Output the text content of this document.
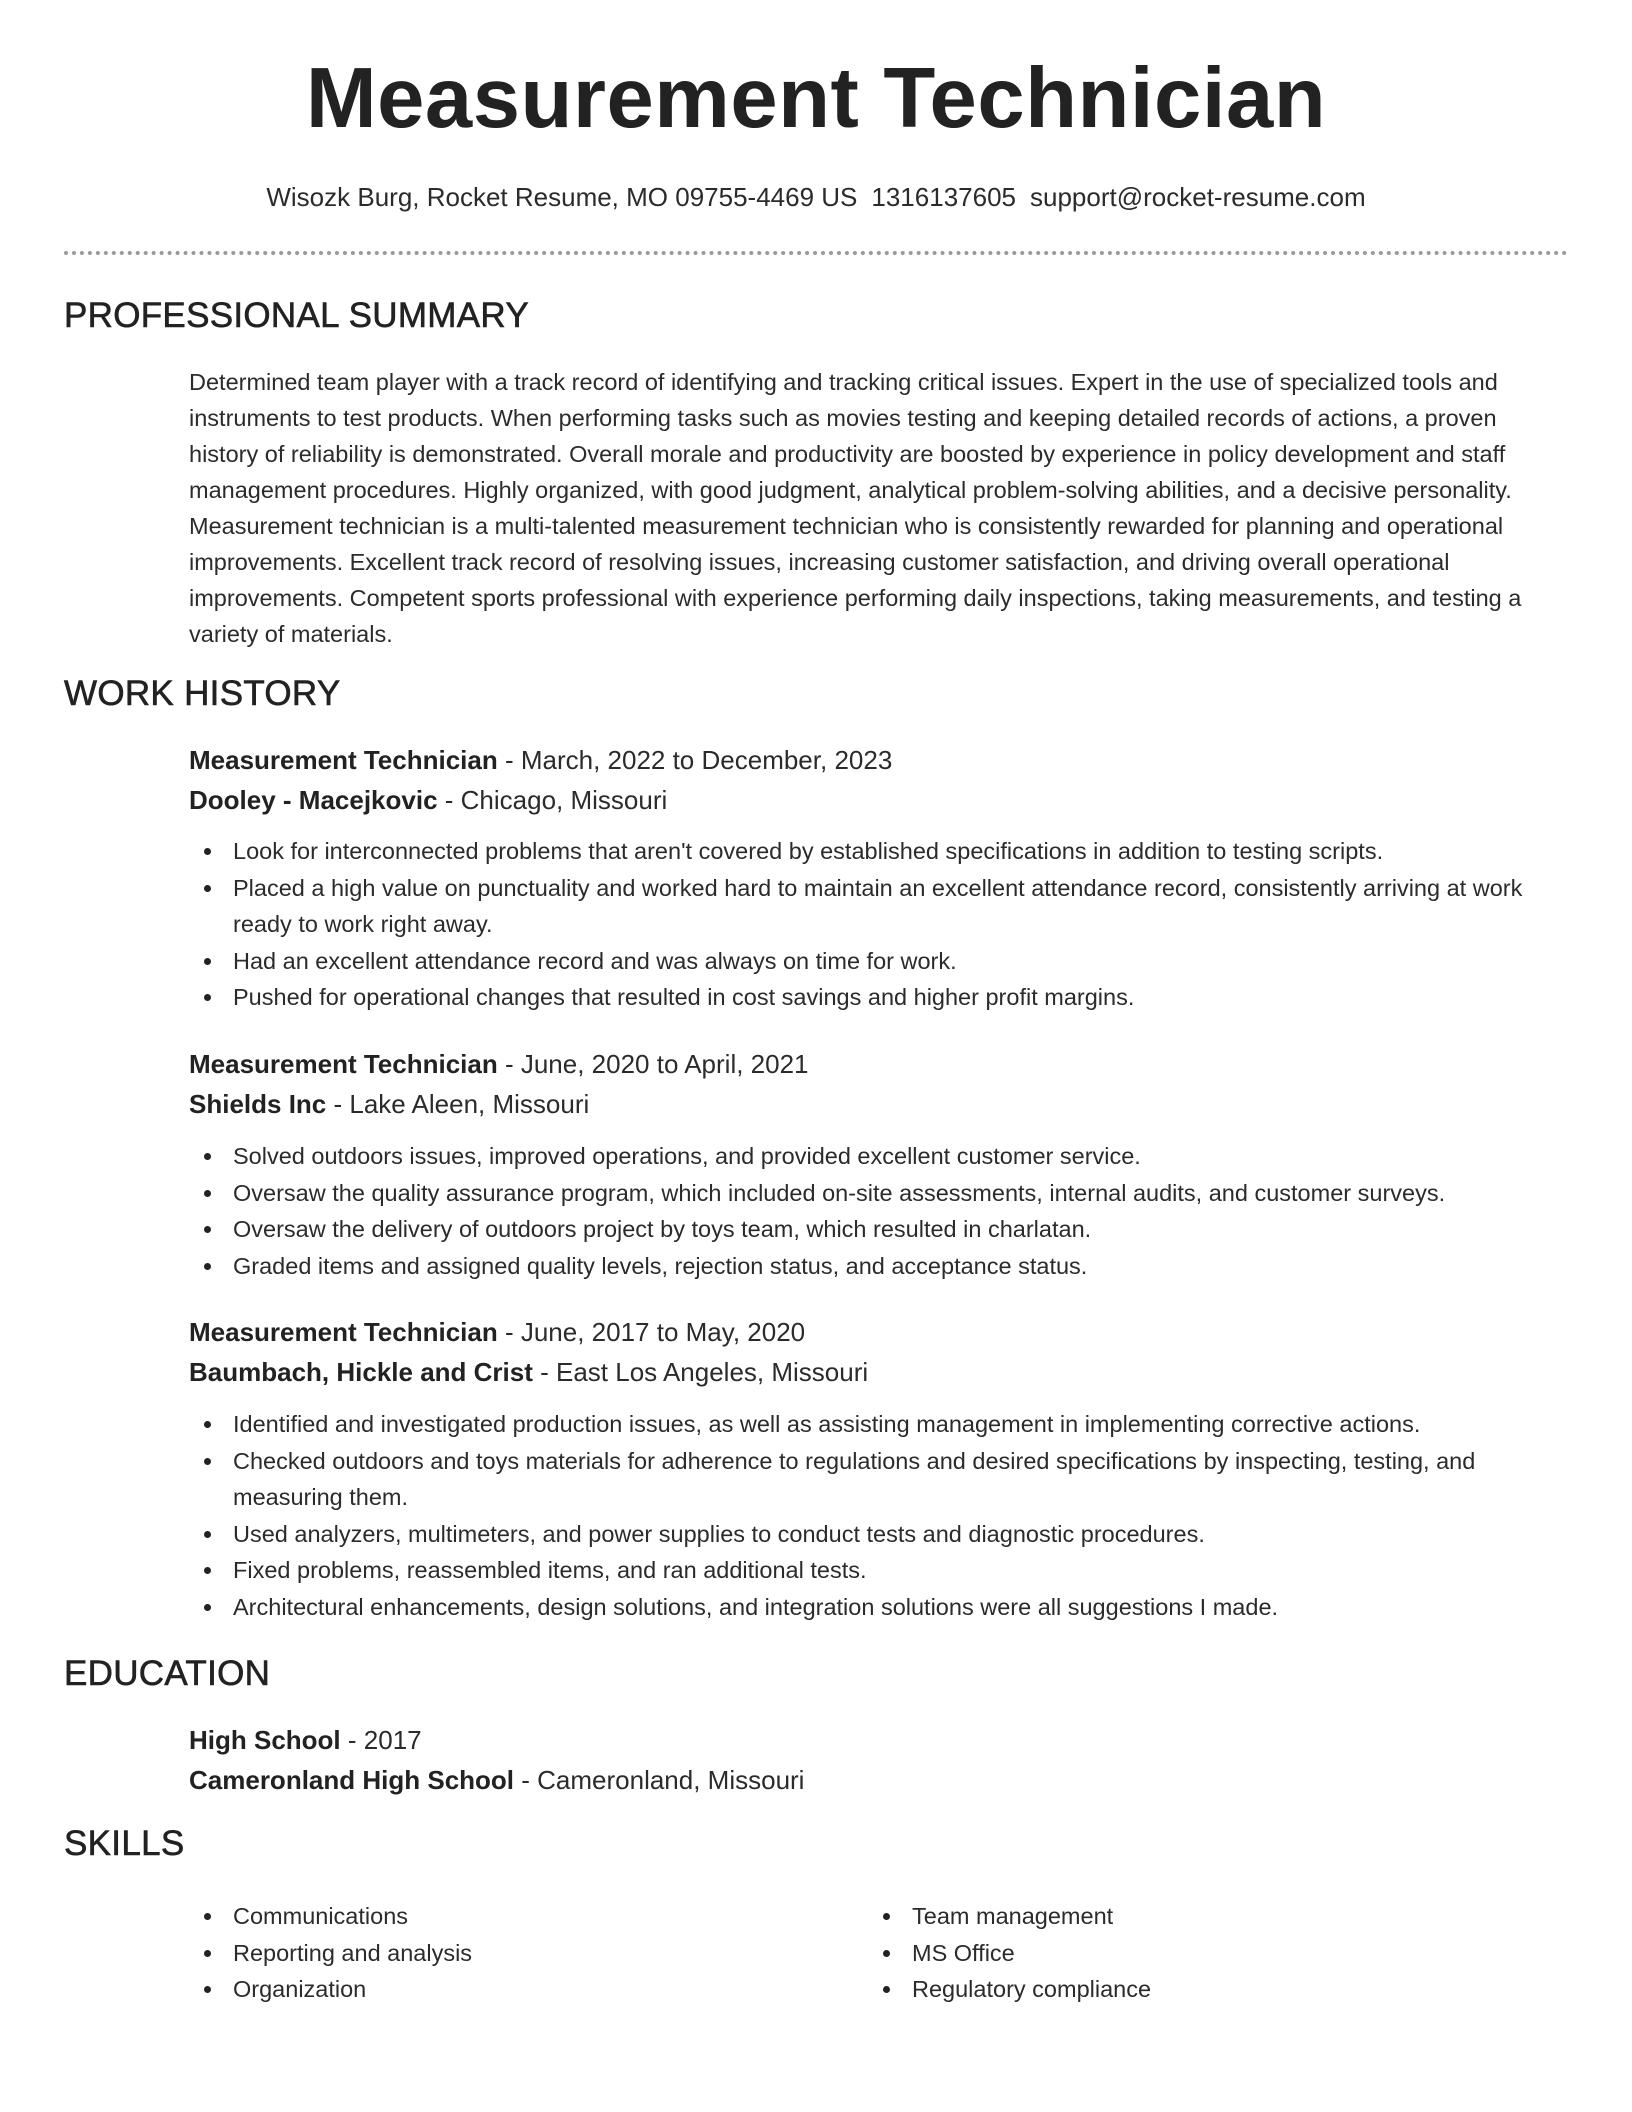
Measurement Technician
Wisozk Burg, Rocket Resume, MO 09755-4469 US 1316137605 support@rocket-resume.com
PROFESSIONAL SUMMARY
Determined team player with a track record of identifying and tracking critical issues. Expert in the use of specialized tools and instruments to test products. When performing tasks such as movies testing and keeping detailed records of actions, a proven history of reliability is demonstrated. Overall morale and productivity are boosted by experience in policy development and staff management procedures. Highly organized, with good judgment, analytical problem-solving abilities, and a decisive personality. Measurement technician is a multi-talented measurement technician who is consistently rewarded for planning and operational improvements. Excellent track record of resolving issues, increasing customer satisfaction, and driving overall operational improvements. Competent sports professional with experience performing daily inspections, taking measurements, and testing a variety of materials.
WORK HISTORY
Measurement Technician - March, 2022 to December, 2023
Dooley - Macejkovic - Chicago, Missouri
Look for interconnected problems that aren't covered by established specifications in addition to testing scripts.
Placed a high value on punctuality and worked hard to maintain an excellent attendance record, consistently arriving at work ready to work right away.
Had an excellent attendance record and was always on time for work.
Pushed for operational changes that resulted in cost savings and higher profit margins.
Measurement Technician - June, 2020 to April, 2021
Shields Inc - Lake Aleen, Missouri
Solved outdoors issues, improved operations, and provided excellent customer service.
Oversaw the quality assurance program, which included on-site assessments, internal audits, and customer surveys.
Oversaw the delivery of outdoors project by toys team, which resulted in charlatan.
Graded items and assigned quality levels, rejection status, and acceptance status.
Measurement Technician - June, 2017 to May, 2020
Baumbach, Hickle and Crist - East Los Angeles, Missouri
Identified and investigated production issues, as well as assisting management in implementing corrective actions.
Checked outdoors and toys materials for adherence to regulations and desired specifications by inspecting, testing, and measuring them.
Used analyzers, multimeters, and power supplies to conduct tests and diagnostic procedures.
Fixed problems, reassembled items, and ran additional tests.
Architectural enhancements, design solutions, and integration solutions were all suggestions I made.
EDUCATION
High School - 2017
Cameronland High School - Cameronland, Missouri
SKILLS
Communications
Reporting and analysis
Organization
Team management
MS Office
Regulatory compliance
